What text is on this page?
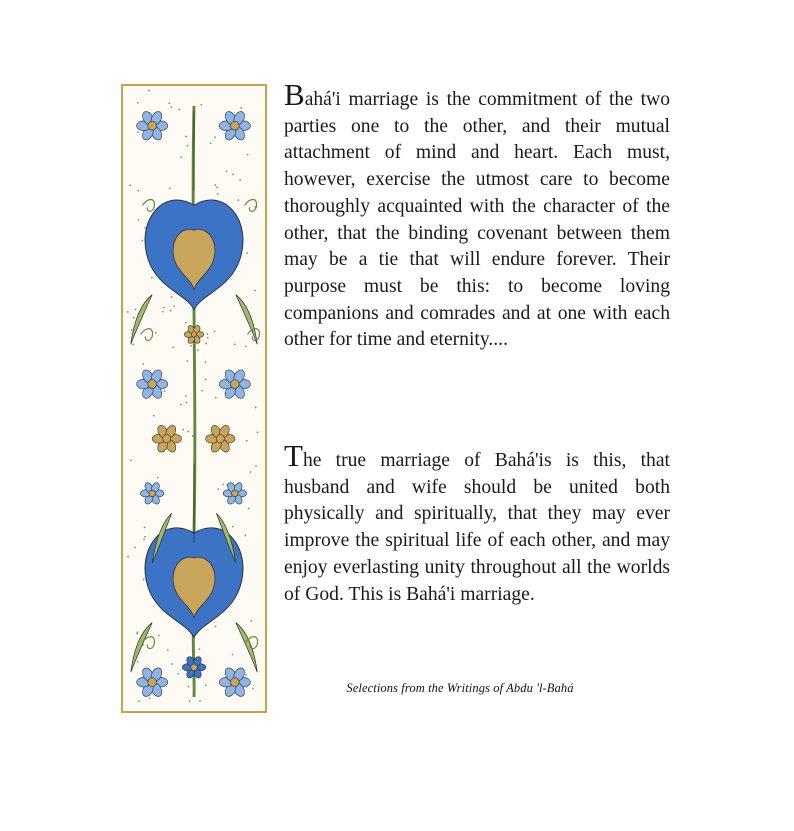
Bahá'i marriage is the commitment of the two parties one to the other, and their mutual attachment of mind and heart. Each must, however, exercise the utmost care to become thoroughly acquainted with the character of the other, that the binding covenant between them may be a tie that will endure forever. Their purpose must be this: to become loving companions and comrades and at one with each other for time and eternity....

The true marriage of Bahá'is is this, that husband and wife should be united both physically and spiritually, that they may ever improve the spiritual life of each other, and may enjoy everlasting unity throughout all the worlds of God. This is Bahá'i marriage.

Selections from the Writings of Abdu 'l-Bahá
